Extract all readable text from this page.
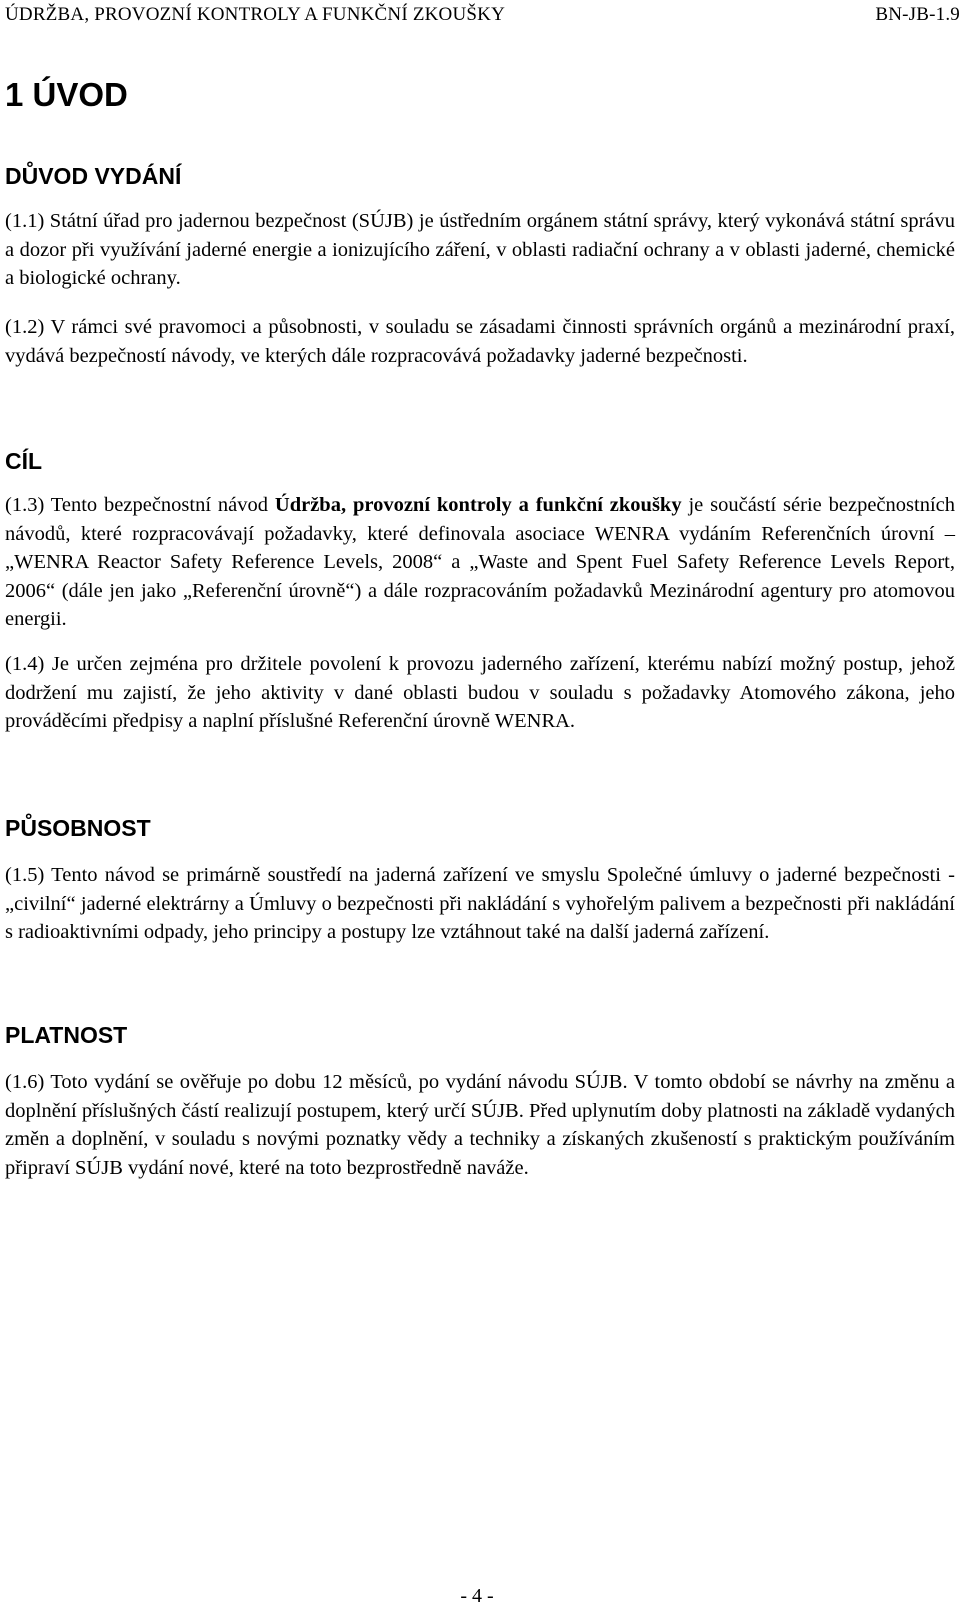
ÚDRŽBA, PROVOZNÍ KONTROLY A FUNKČNÍ ZKOUŠKY	BN-JB-1.9
1 ÚVOD
DŮVOD VYDÁNÍ

(1.1) Státní úřad pro jadernou bezpečnost (SÚJB) je ústředním orgánem státní správy, který vykonává státní správu a dozor při využívání jaderné energie a ionizujícího záření, v oblasti radiační ochrany a v oblasti jaderné, chemické a biologické ochrany.

(1.2) V rámci své pravomoci a působnosti, v souladu se zásadami činnosti správních orgánů a mezinárodní praxí, vydává bezpečností návody, ve kterých dále rozpracovává požadavky jaderné bezpečnosti.

CÍL

(1.3) Tento bezpečnostní návod Údržba, provozní kontroly a funkční zkoušky je součástí série bezpečnostních návodů, které rozpracovávají požadavky, které definovala asociace WENRA vydáním Referenčních úrovní – „WENRA Reactor Safety Reference Levels, 2008“ a „Waste and Spent Fuel Safety Reference Levels Report, 2006“ (dále jen jako „Referenční úrovně“) a dále rozpracováním požadavků Mezinárodní agentury pro atomovou energii.

(1.4) Je určen zejména pro držitele povolení k provozu jaderného zařízení, kterému nabízí možný postup, jehož dodržení mu zajistí, že jeho aktivity v dané oblasti budou v souladu s požadavky Atomového zákona, jeho prováděcími předpisy a naplní příslušné Referenční úrovně WENRA.

PŮSOBNOST

(1.5) Tento návod se primárně soustředí na jaderná zařízení ve smyslu Společné úmluvy o jaderné bezpečnosti - „civilní“ jaderné elektrárny a Úmluvy o bezpečnosti při nakládání s vyhořelým palivem a bezpečnosti při nakládání s radioaktivními odpady, jeho principy a postupy lze vztáhnout také na další jaderná zařízení.

PLATNOST

(1.6) Toto vydání se ověřuje po dobu 12 měsíců, po vydání návodu SÚJB. V tomto období se návrhy na změnu a doplnění příslušných částí realizují postupem, který určí SÚJB. Před uplynutím doby platnosti na základě vydaných změn a doplnění, v souladu s novými poznatky vědy a techniky a získaných zkušeností s praktickým používáním připraví SÚJB vydání nové, které na toto bezprostředně naváže.

- 4 -
